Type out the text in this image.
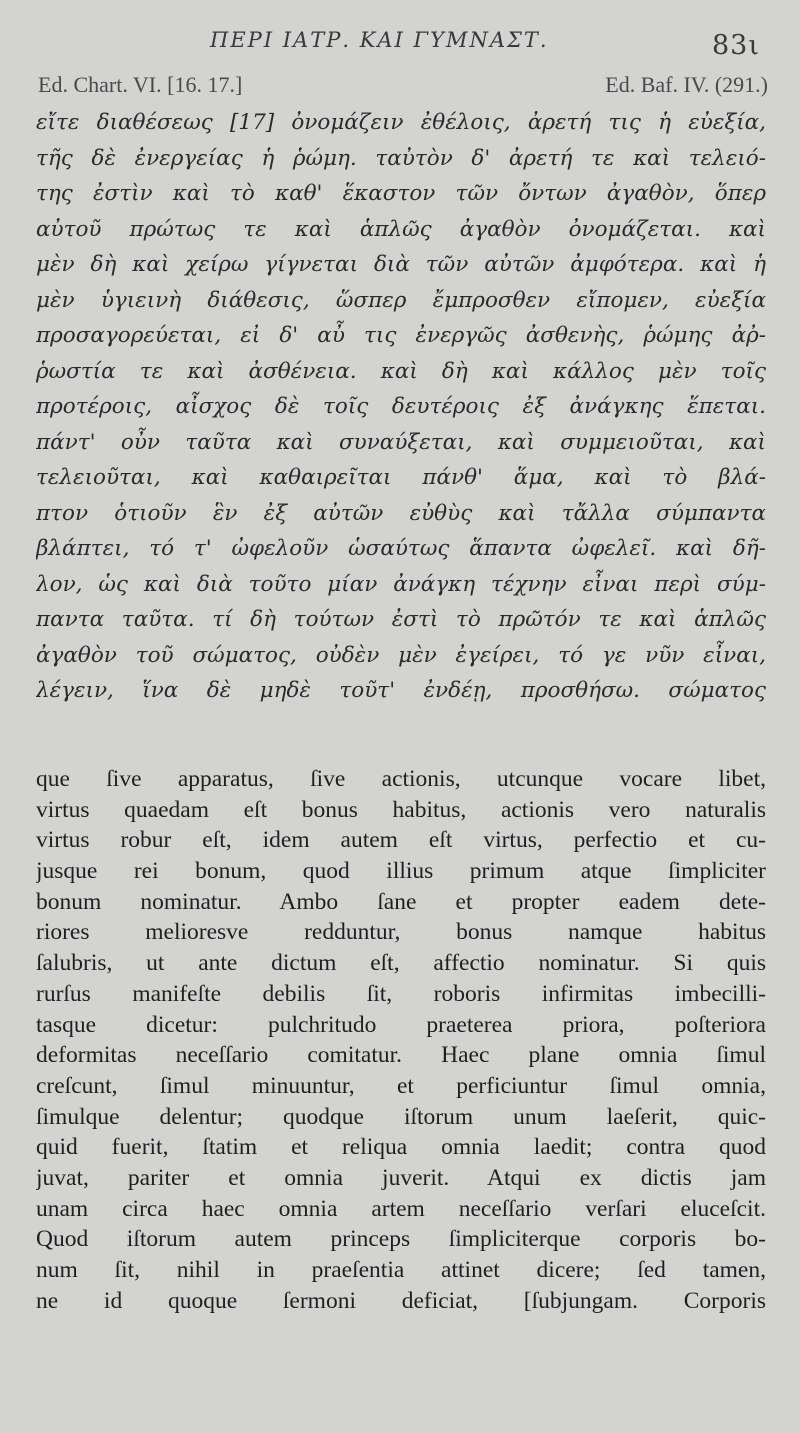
ΠΕΡΙ ΙΑΤΡ. ΚΑΙ ΓΥΜΝΑΣΤ.	83ι
Ed. Chart. VI. [16. 17.]	Ed. Baf. IV. (291.)
εἴτε διαθέσεως [17] ὀνομάζειν ἐθέλοις, ἀρετή τις ἡ εὐεξία,
τῆς δὲ ἐνεργείας ἡ ῥώμη. ταὐτὸν δ' ἀρετή τε καὶ τελειό-
της ἐστὶν καὶ τὸ καθ' ἕκαστον τῶν ὄντων ἀγαθὸν, ὅπερ
αὐτοῦ πρώτως τε καὶ ἁπλῶς ἀγαθὸν ὀνομάζεται. καὶ
μὲν δὴ καὶ χείρω γίγνεται διὰ τῶν αὐτῶν ἀμφότερα. καὶ ἡ
μὲν ὑγιεινὴ διάθεσις, ὥσπερ ἔμπροσθεν εἴπομεν, εὐεξία
προσαγορεύεται, εἰ δ' αὖ τις ἐνεργῶς ἀσθενὴς, ῥώμης ἀῤ-
ῥωστία τε καὶ ἀσθένεια. καὶ δὴ καὶ κάλλος μὲν τοῖς
προτέροις, αἶσχος δὲ τοῖς δευτέροις ἐξ ἀνάγκης ἕπεται.
πάντ' οὖν ταῦτα καὶ συναύξεται, καὶ συμμειοῦται, καὶ
τελειοῦται, καὶ καθαιρεῖται πάνθ' ἅμα, καὶ τὸ βλά-
πτον ὁτιοῦν ἓν ἐξ αὐτῶν εὐθὺς καὶ τἄλλα σύμπαντα
βλάπτει, τό τ' ὠφελοῦν ὡσαύτως ἅπαντα ὠφελεῖ. καὶ δῆ-
λον, ὡς καὶ διὰ τοῦτο μίαν ἀνάγκη τέχνην εἶναι περὶ σύμ-
παντα ταῦτα. τί δὴ τούτων ἐστὶ τὸ πρῶτόν τε καὶ ἁπλῶς
ἀγαθὸν τοῦ σώματος, οὐδὲν μὲν ἐγείρει, τό γε νῦν εἶναι,
λέγειν, ἵνα δὲ μηδὲ τοῦτ' ἐνδέῃ, προσθήσω. σώματος
que ſive apparatus, ſive actionis, utcunque vocare libet,
virtus quaedam eſt bonus habitus, actionis vero naturalis
virtus robur eſt, idem autem eſt virtus, perfectio et cu-
jusque rei bonum, quod illius primum atque ſimpliciter
bonum nominatur. Ambo ſane et propter eadem dete-
riores melioresve redduntur, bonus namque habitus
ſalubris, ut ante dictum eſt, affectio nominatur. Si quis
rurſus manifeſte debilis ſit, roboris infirmitas imbecilli-
tasque dicetur: pulchritudo praeterea priora, poſteriora
deformitas neceſſario comitatur. Haec plane omnia ſimul
creſcunt, ſimul minuuntur, et perficiuntur ſimul omnia,
ſimulque delentur; quodque iſtorum unum laeſerit, quic-
quid fuerit, ſtatim et reliqua omnia laedit; contra quod
juvat, pariter et omnia juverit. Atqui ex dictis jam
unam circa haec omnia artem neceſſario verſari eluceſcit.
Quod iſtorum autem princeps ſimpliciterque corporis bo-
num ſit, nihil in praeſentia attinet dicere; ſed tamen,
ne id quoque ſermoni deficiat, [ſubjungam. Corporis
